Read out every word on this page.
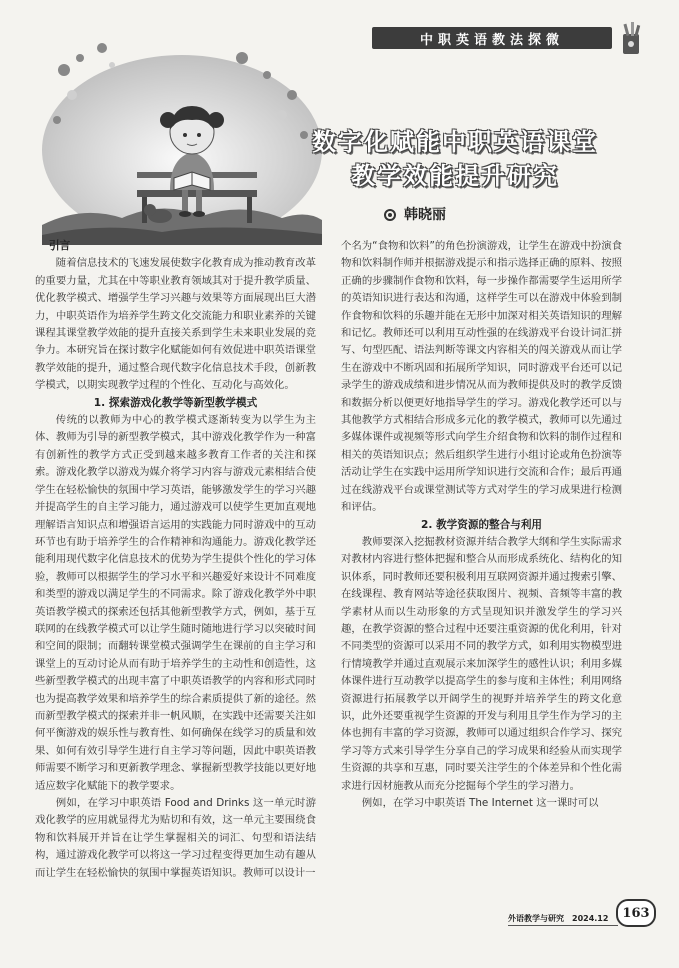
中职英语教法探微
数字化赋能中职英语课堂
教学效能提升研究
韩晓丽
引言

随着信息技术的飞速发展使数字化教育成为推动教育改革的重要力量，尤其在中等职业教育领域其对于提升教学质量、优化教学模式、增强学生学习兴趣与效果等方面展现出巨大潜力，中职英语作为培养学生跨文化交流能力和职业素养的关键课程其课堂教学效能的提升直接关系到学生未来职业发展的竞争力。本研究旨在探讨数字化赋能如何有效促进中职英语课堂教学效能的提升，通过整合现代数字化信息技术手段，创新教学模式，以期实现教学过程的个性化、互动化与高效化。

1. 探索游戏化教学等新型教学模式

传统的以教师为中心的教学模式逐渐转变为以学生为主体、教师为引导的新型教学模式，其中游戏化教学作为一种富有创新性的教学方式正受到越来越多教育工作者的关注和探索。游戏化教学以游戏为媒介将学习内容与游戏元素相结合使学生在轻松愉快的氛围中学习英语，能够激发学生的学习兴趣并提高学生的自主学习能力，通过游戏可以使学生更加直观地理解语言知识点和增强语言运用的实践能力同时游戏中的互动环节也有助于培养学生的合作精神和沟通能力。游戏化教学还能利用现代数字化信息技术的优势为学生提供个性化的学习体验，教师可以根据学生的学习水平和兴趣爱好来设计不同难度和类型的游戏以满足学生的不同需求。除了游戏化教学外中职英语教学模式的探索还包括其他新型教学方式，例如，基于互联网的在线教学模式可以让学生随时随地进行学习以突破时间和空间的限制；而翻转课堂模式强调学生在课前的自主学习和课堂上的互动讨论从而有助于培养学生的主动性和创造性，这些新型教学模式的出现丰富了中职英语教学的内容和形式同时也为提高教学效果和培养学生的综合素质提供了新的途径。然而新型教学模式的探索并非一帆风顺，在实践中还需要关注如何平衡游戏的娱乐性与教育性、如何确保在线学习的质量和效果、如何有效引导学生进行自主学习等问题，因此中职英语教师需要不断学习和更新教学理念、掌握新型教学技能以更好地适应数字化赋能下的教学要求。

例如，在学习中职英语 Food and Drinks 这一单元时游戏化教学的应用就显得尤为贴切和有效，这一单元主要围绕食物和饮料展开并旨在让学生掌握相关的词汇、句型和语法结构，通过游戏化教学可以将这一学习过程变得更加生动有趣从而让学生在轻松愉快的氛围中掌握英语知识。教师可以设计一

个名为“食物和饮料”的角色扮演游戏，让学生在游戏中扮演食物和饮料制作师并根据游戏提示和指示选择正确的原料、按照正确的步骤制作食物和饮料，每一步操作都需要学生运用所学的英语知识进行表达和沟通，这样学生可以在游戏中体验到制作食物和饮料的乐趣并能在无形中加深对相关英语知识的理解和记忆。教师还可以利用互动性强的在线游戏平台设计词汇拼写、句型匹配、语法判断等课文内容相关的闯关游戏从而让学生在游戏中不断巩固和拓展所学知识，同时游戏平台还可以记录学生的游戏成绩和进步情况从而为教师提供及时的教学反馈和数据分析以便更好地指导学生的学习。游戏化教学还可以与其他教学方式相结合形成多元化的教学模式，教师可以先通过多媒体课件或视频等形式向学生介绍食物和饮料的制作过程和相关的英语知识点；然后组织学生进行小组讨论或角色扮演等活动让学生在实践中运用所学知识进行交流和合作；最后再通过在线游戏平台或课堂测试等方式对学生的学习成果进行检测和评估。

2. 教学资源的整合与利用

教师要深入挖掘教材资源并结合教学大纲和学生实际需求对教材内容进行整体把握和整合从而形成系统化、结构化的知识体系，同时教师还要积极利用互联网资源并通过搜索引擎、在线课程、教育网站等途径获取图片、视频、音频等丰富的教学素材从而以生动形象的方式呈现知识并激发学生的学习兴趣，在教学资源的整合过程中还要注重资源的优化利用，针对不同类型的资源可以采用不同的教学方式，如利用实物模型进行情境教学并通过直观展示来加深学生的感性认识；利用多媒体课件进行互动教学以提高学生的参与度和主体性；利用网络资源进行拓展教学以开阔学生的视野并培养学生的跨文化意识，此外还要重视学生资源的开发与利用且学生作为学习的主体也拥有丰富的学习资源，教师可以通过组织合作学习、探究学习等方式来引导学生分享自己的学习成果和经验从而实现学生资源的共享和互惠，同时要关注学生的个体差异和个性化需求进行因材施教从而充分挖掘每个学生的学习潜力。

例如，在学习中职英语 The Internet 这一课时可以

外语教学与研究　2024.12	163
